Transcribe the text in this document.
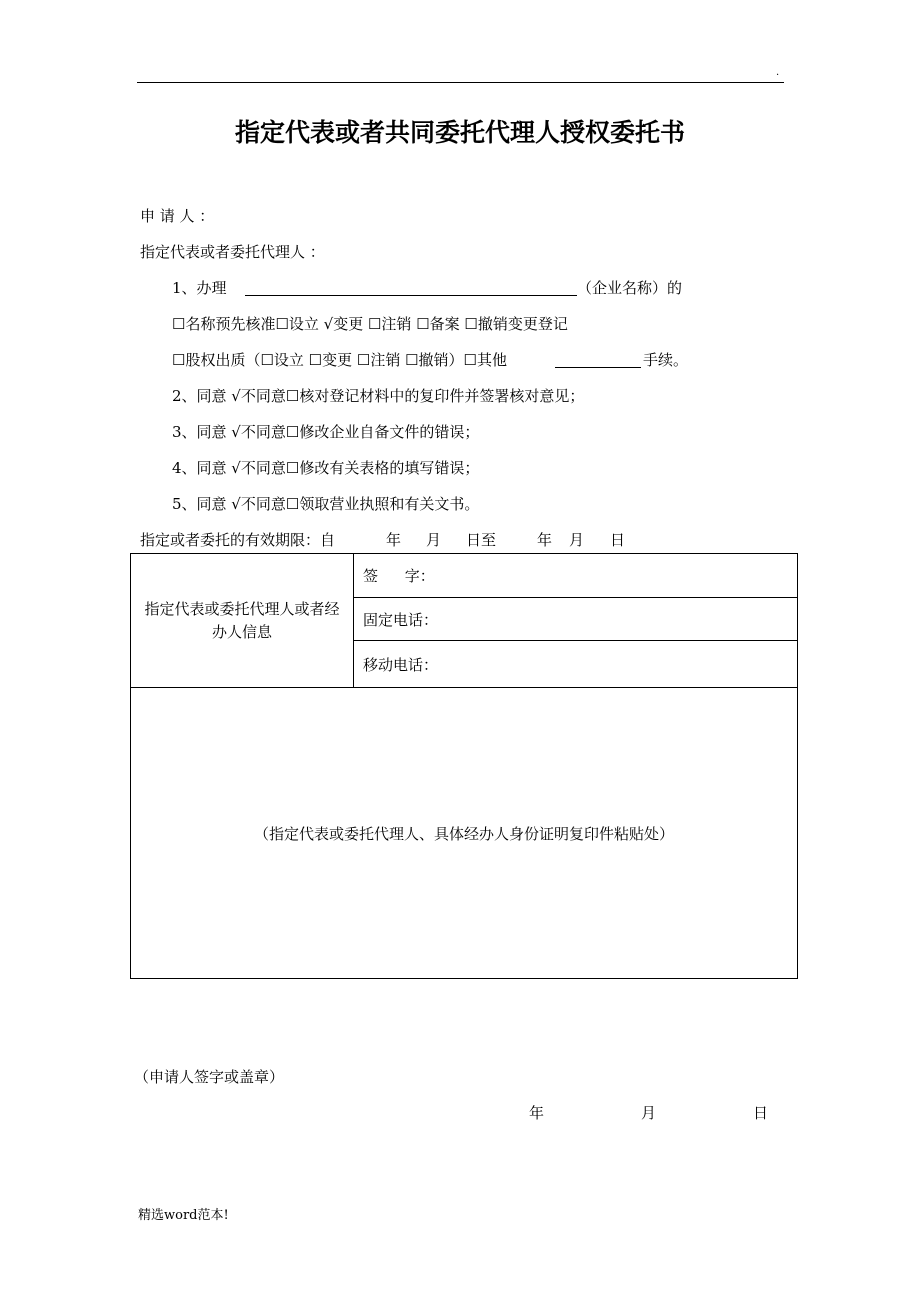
.
指定代表或者共同委托代理人授权委托书
申 请 人 ：
指定代表或者委托代理人 ：
1、办理	（企业名称）的
☐名称预先核准☐设立 √变更 ☐注销 ☐备案 ☐撤销变更登记
☐股权出质（☐设立 ☐变更 ☐注销 ☐撤销）☐其他	手续。
2、同意 √不同意☐核对登记材料中的复印件并签署核对意见；
3、同意 √不同意☐修改企业自备文件的错误；
4、同意 √不同意☐修改有关表格的填写错误；
5、同意 √不同意☐领取营业执照和有关文书。
指定或者委托的有效期限：自	年 月 日至	年 月 日
指定代表或委托代理人或者经办人信息
签 字：
固定电话：
移动电话：
（指定代表或委托代理人、具体经办人身份证明复印件粘贴处）
（申请人签字或盖章）
年	月	日
精选word范本!
